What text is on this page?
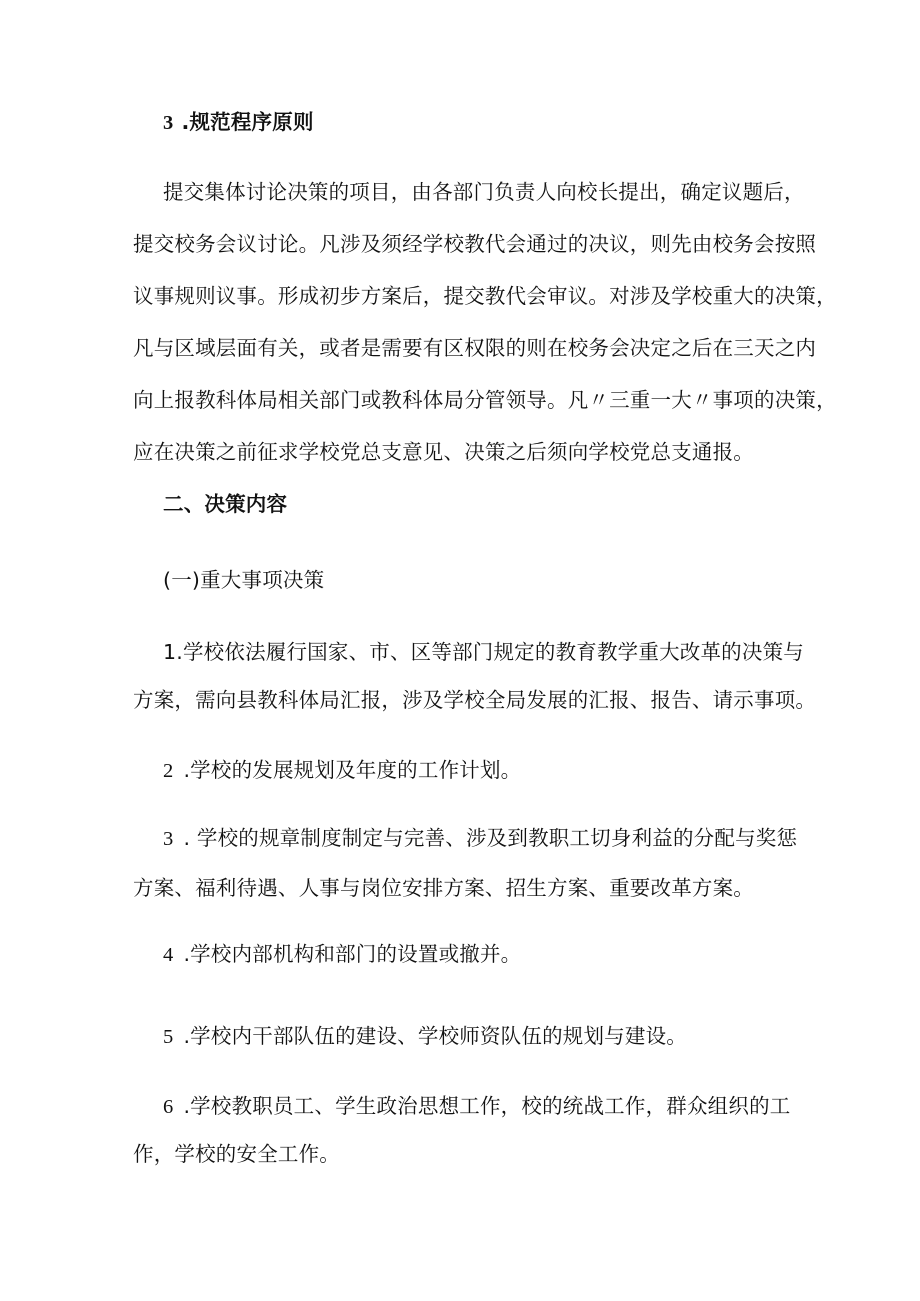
3 .规范程序原则
提交集体讨论决策的项目，由各部门负责人向校长提出，确定议题后，
提交校务会议讨论。凡涉及须经学校教代会通过的决议，则先由校务会按照
议事规则议事。形成初步方案后，提交教代会审议。对涉及学校重大的决策，
凡与区域层面有关，或者是需要有区权限的则在校务会决定之后在三天之内
向上报教科体局相关部门或教科体局分管领导。凡〃三重一大〃事项的决策，
应在决策之前征求学校党总支意见、决策之后须向学校党总支通报。
二、决策内容
(一)重大事项决策
1.学校依法履行国家、市、区等部门规定的教育教学重大改革的决策与
方案，需向县教科体局汇报，涉及学校全局发展的汇报、报告、请示事项。
2 .学校的发展规划及年度的工作计划。
3 . 学校的规章制度制定与完善、涉及到教职工切身利益的分配与奖惩
方案、福利待遇、人事与岗位安排方案、招生方案、重要改革方案。
4 .学校内部机构和部门的设置或撤并。
5 .学校内干部队伍的建设、学校师资队伍的规划与建设。
6 .学校教职员工、学生政治思想工作，校的统战工作，群众组织的工
作，学校的安全工作。
